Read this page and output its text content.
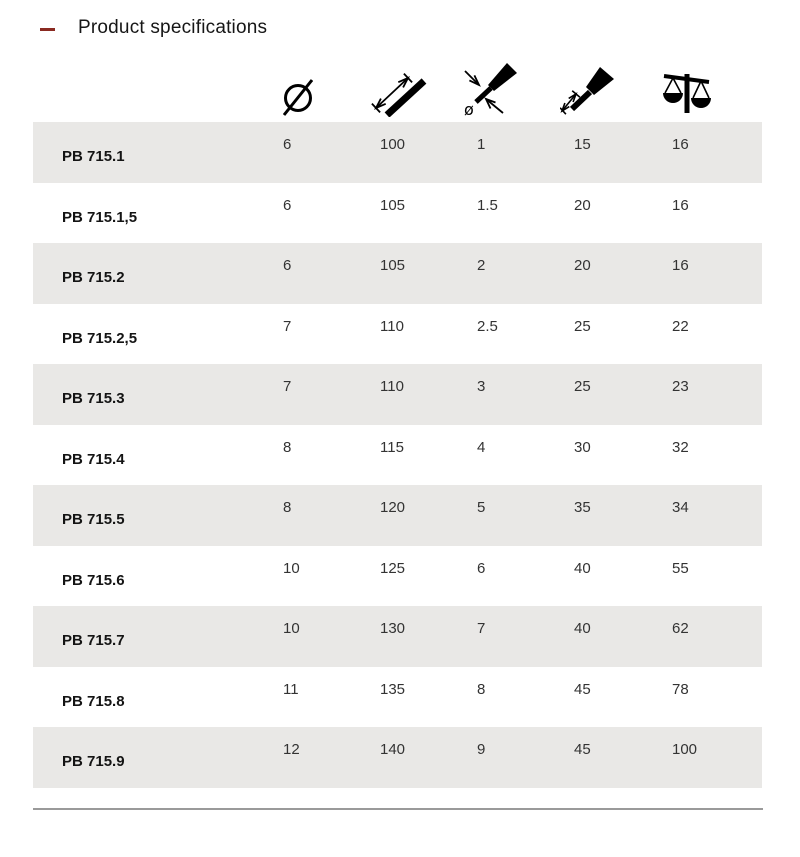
Product specifications
ø
PB 715.1
6	100	1	15	16
PB 715.1,5
6	105	1.5	20	16
PB 715.2
6	105	2	20	16
PB 715.2,5
7	110	2.5	25	22
PB 715.3
7	110	3	25	23
PB 715.4
8	115	4	30	32
PB 715.5
8	120	5	35	34
PB 715.6
10	125	6	40	55
PB 715.7
10	130	7	40	62
PB 715.8
11	135	8	45	78
PB 715.9
12	140	9	45	100
